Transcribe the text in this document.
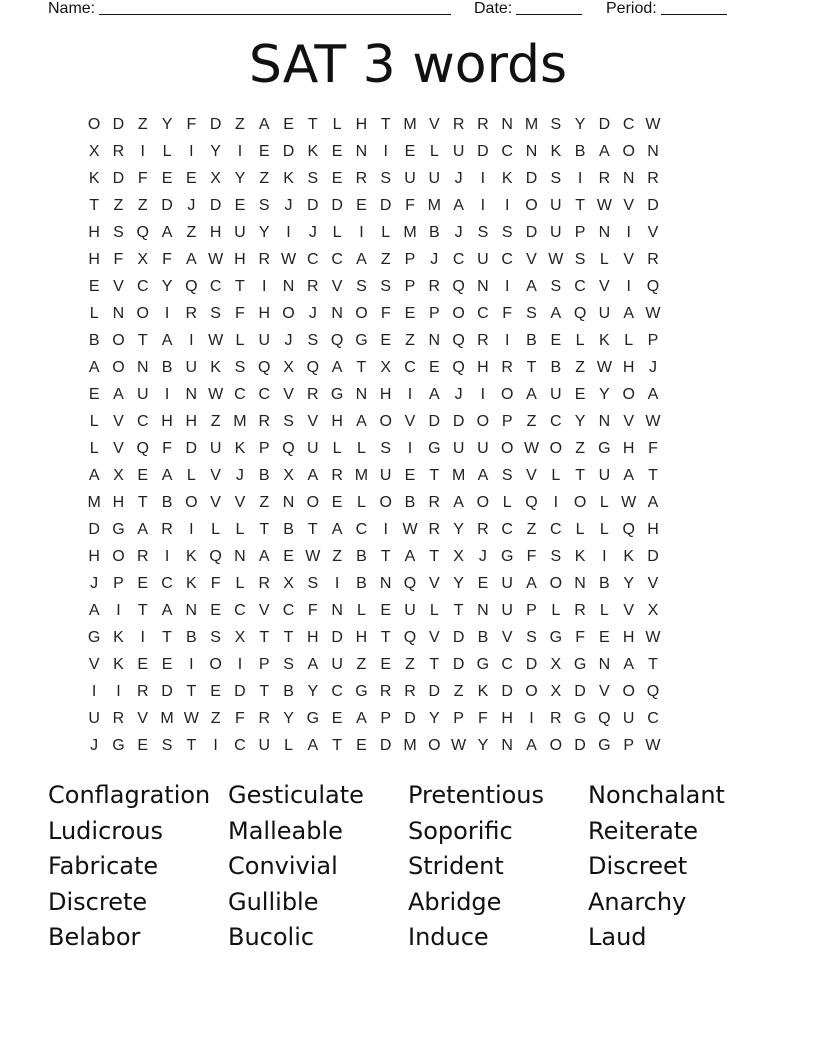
Name:	Date:	Period:
SAT 3 words
O D Z Y F D Z A E T L H T M V R R N M S Y D C W
X R	I	L	I	Y	I	E D K E N	I	E L U D C N K B A O N
K D F E E X Y Z K S E R S U U J	I	K D S	I	R N R
T Z Z D J D E S J D D E D F M A	I	I O U T W V D
H S Q A Z H U Y	I	J L	I	L M B J S S D U P N	I	V
H F X F A W H R W C C A Z P J C U C V W S L V R
E V C Y Q C T	I	N R V S S P R Q N	I	A S C V	I Q
L N O I	R S F H O J N O F E P O C F S A Q U A W
B O T A	I W L U J S Q G E Z N Q R	I	B E L K L P
A O N B U K S Q X Q A T X C E Q H R T B Z W H J
E A U	I	N W C C V R G N H	I	A J	I O A U E Y O A
L V C H H Z M R S V H A O V D D O P Z C Y N V W
L V Q F D U K P Q U L L S	I G U U O W O Z G H F
A X E A L V J B X A R M U E T M A S V L T U A T
M H T B O V V Z N O E L O B R A O L Q I O L W A
D G A R	I	L L T B T A C	I W R Y R C Z C L L Q H
H O R	I	K Q N A E W Z B T A T X J G F S K	I	K D
J P E C K F L R X S	I	B N Q V Y E U A O N B Y V
A	I	T A N E C V C F N L E U L T N U P L R L V X
G K	I	T B S X T T H D H T Q V D B V S G F E H W
V K E E	I O I	P S A U Z E Z T D G C D X G N A T
I	I	R D T E D T B Y C G R R D Z K D O X D V O Q
U R V M W Z F R Y G E A P D Y P F H	I	R G Q U C
J G E S T	I	C U L A T E D M O W Y N A O D G P W
Conflagration Gesticulate	Pretentious	Nonchalant
Ludicrous	Malleable	Soporific	Reiterate
Fabricate	Convivial	Strident	Discreet
Discrete	Gullible	Abridge	Anarchy
Belabor	Bucolic	Induce	Laud
